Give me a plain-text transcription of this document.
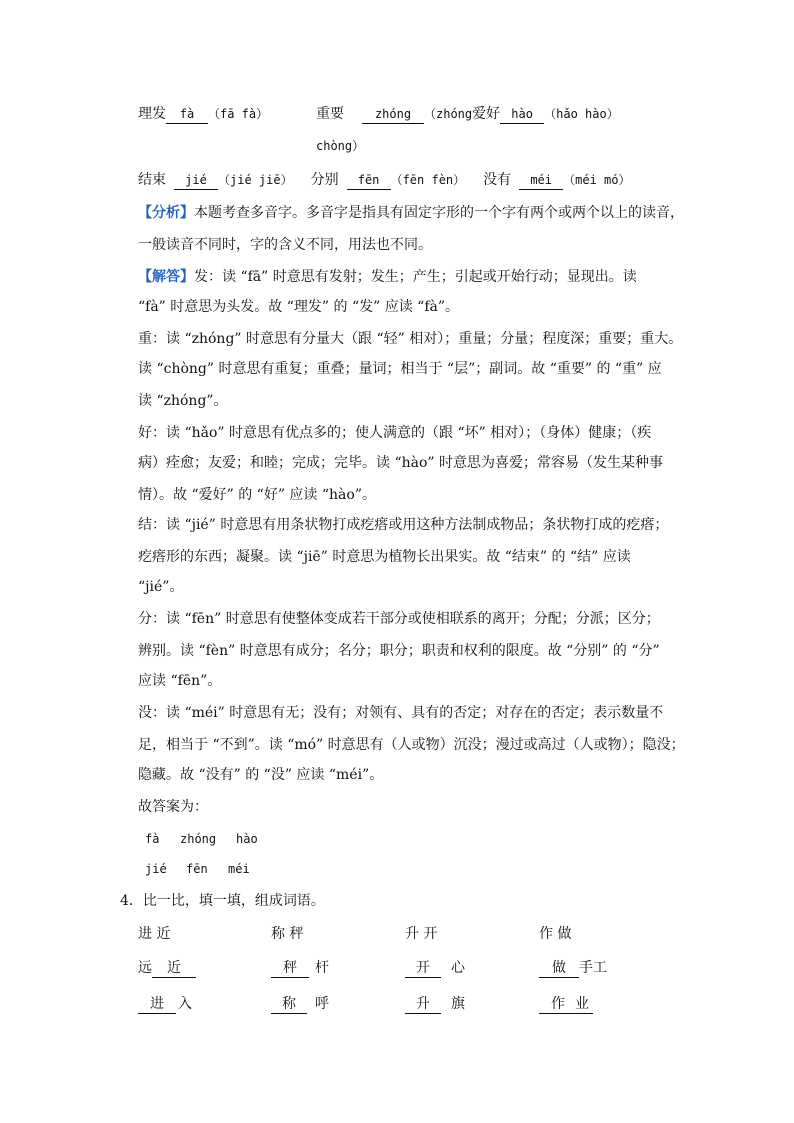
理发 fà （fā fà）	重要	zhóng （zhóng爱好 hào （hǎo hào）
chòng）
结束 jié （jié jiē） 分别 fēn （fēn fèn） 没有 méi （méi mó）
【分析】本题考查多音字。多音字是指具有固定字形的一个字有两个或两个以上的读音，
一般读音不同时，字的含义不同，用法也不同。
【解答】发：读 “fā” 时意思有发射；发生；产生；引起或开始行动；显现出。读
“fà” 时意思为头发。故 “理发” 的 “发” 应读 “fà”。
重：读 “zhóng” 时意思有分量大（跟 “轻” 相对）；重量；分量；程度深；重要；重大。
读 “chòng” 时意思有重复；重叠；量词；相当于 “层”；副词。故 “重要” 的 “重” 应
读 “zhóng”。
好：读 “hǎo” 时意思有优点多的；使人满意的（跟 “坏” 相对）；（身体）健康；（疾
病）痊愈；友爱；和睦；完成；完毕。读 “hào” 时意思为喜爱；常容易（发生某种事
情）。故 “爱好” 的 “好” 应读 “hào”。
结：读 “jié” 时意思有用条状物打成疙瘩或用这种方法制成物品；条状物打成的疙瘩；
疙瘩形的东西；凝聚。读 “jiē” 时意思为植物长出果实。故 “结束” 的 “结” 应读
“jié”。
分：读 “fēn” 时意思有使整体变成若干部分或使相联系的离开；分配；分派；区分；
辨别。读 “fèn” 时意思有成分；名分；职分；职责和权利的限度。故 “分别” 的 “分”
应读 “fēn”。
没：读 “méi” 时意思有无；没有；对领有、具有的否定；对存在的否定；表示数量不
足，相当于 “不到”。读 “mó” 时意思有（人或物）沉没；漫过或高过（人或物）；隐没；
隐藏。故 “没有” 的 “没” 应读 “méi”。
故答案为：
fà zhóng hào
jié fēn méi
4．比一比，填一填，组成词语。
进 近	称 秤	升 开	作 做
远 近	秤 杆	开 心	做 手工
进 入	称 呼	升 旗	作 业
